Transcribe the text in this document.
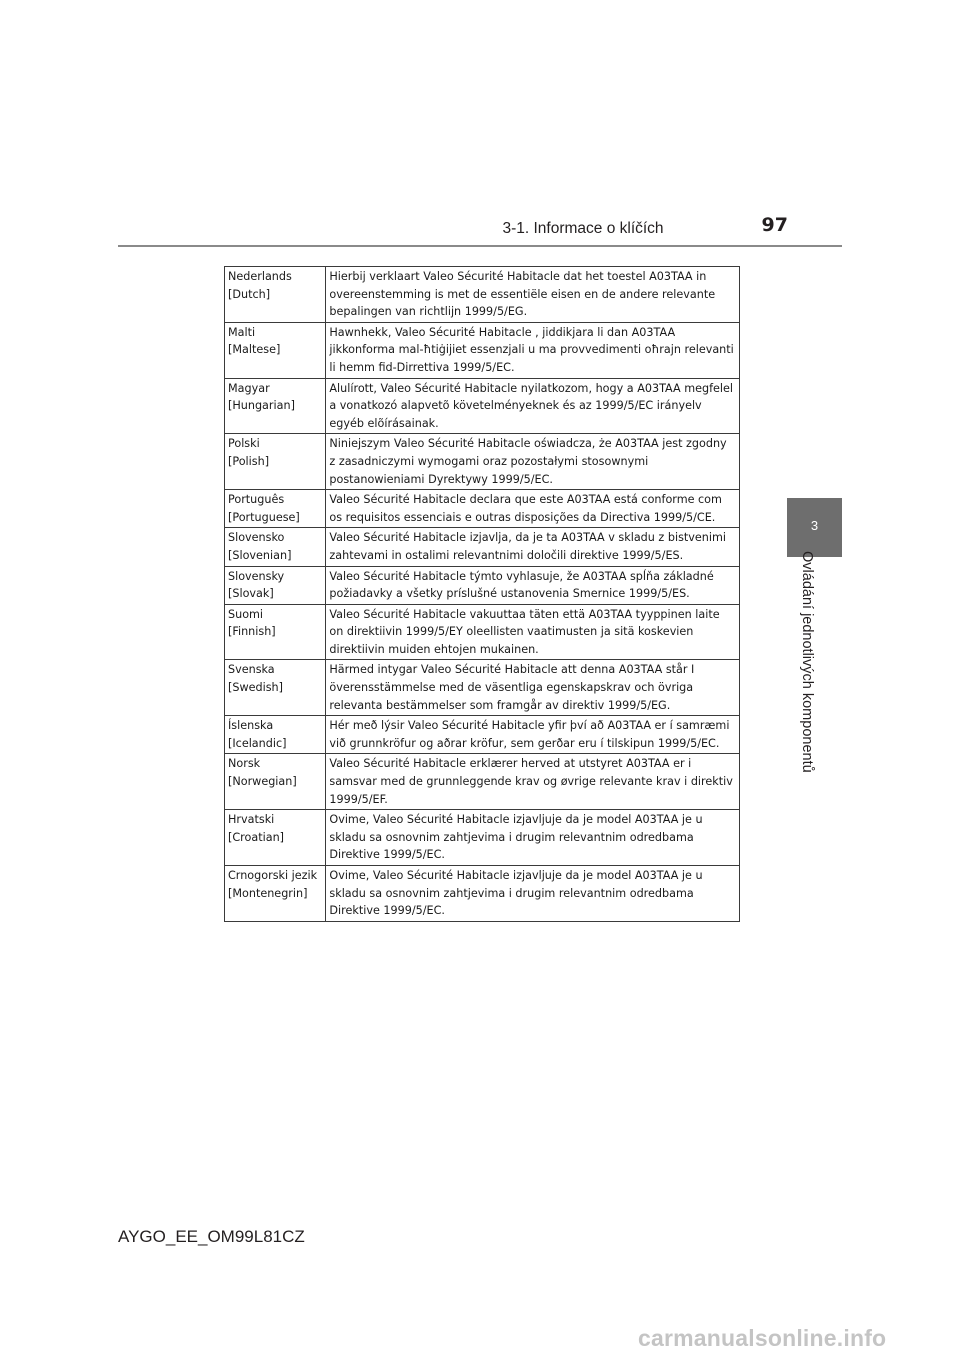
3-1. Informace o klíčích	97
3
Ovládání jednotlivých komponentů
Nederlands
[Dutch]	Hierbij verklaart Valeo Sécurité Habitacle dat het toestel A03TAA in overeenstemming is met de essentiële eisen en de andere relevante bepalingen van richtlijn 1999/5/EG.

Malti
[Maltese]	Hawnhekk, Valeo Sécurité Habitacle , jiddikjara li dan A03TAA jikkonforma mal-ħtiġijiet essenzjali u ma provvedimenti oħrajn relevanti li hemm fid-Dirrettiva 1999/5/EC.

Magyar
[Hungarian]	Alulírott, Valeo Sécurité Habitacle nyilatkozom, hogy a A03TAA megfelel a vonatkozó alapvetõ követelményeknek és az 1999/5/EC irányelv egyéb elõírásainak.

Polski
[Polish]	Niniejszym Valeo Sécurité Habitacle oświadcza, że A03TAA jest zgodny z zasadniczymi wymogami oraz pozostałymi stosownymi postanowieniami Dyrektywy 1999/5/EC.

Português
[Portuguese]	Valeo Sécurité Habitacle declara que este A03TAA está conforme com os requisitos essenciais e outras disposições da Directiva 1999/5/CE.

Slovensko
[Slovenian]	Valeo Sécurité Habitacle izjavlja, da je ta A03TAA v skladu z bistvenimi zahtevami in ostalimi relevantnimi določili direktive 1999/5/ES.

Slovensky
[Slovak]	Valeo Sécurité Habitacle týmto vyhlasuje, že A03TAA spĺňa základné požiadavky a všetky príslušné ustanovenia Smernice 1999/5/ES.

Suomi
[Finnish]	Valeo Sécurité Habitacle vakuuttaa täten että A03TAA tyyppinen laite on direktiivin 1999/5/EY oleellisten vaatimusten ja sitä koskevien direktiivin muiden ehtojen mukainen.

Svenska
[Swedish]	Härmed intygar Valeo Sécurité Habitacle att denna A03TAA står I överensstämmelse med de väsentliga egenskapskrav och övriga relevanta bestämmelser som framgår av direktiv 1999/5/EG.

Íslenska
[Icelandic]	Hér með lýsir Valeo Sécurité Habitacle yfir því að A03TAA er í samræmi við grunnkröfur og aðrar kröfur, sem gerðar eru í tilskipun 1999/5/EC.

Norsk
[Norwegian]	Valeo Sécurité Habitacle erklærer herved at utstyret A03TAA er i samsvar med de grunnleggende krav og øvrige relevante krav i direktiv 1999/5/EF.

Hrvatski
[Croatian]	Ovime, Valeo Sécurité Habitacle izjavljuje da je model A03TAA je u skladu sa osnovnim zahtjevima i drugim relevantnim odredbama Direktive 1999/5/EC.

Crnogorski jezik
[Montenegrin]	Ovime, Valeo Sécurité Habitacle izjavljuje da je model A03TAA je u skladu sa osnovnim zahtjevima i drugim relevantnim odredbama Direktive 1999/5/EC.
AYGO_EE_OM99L81CZ
carmanualsonline.info
